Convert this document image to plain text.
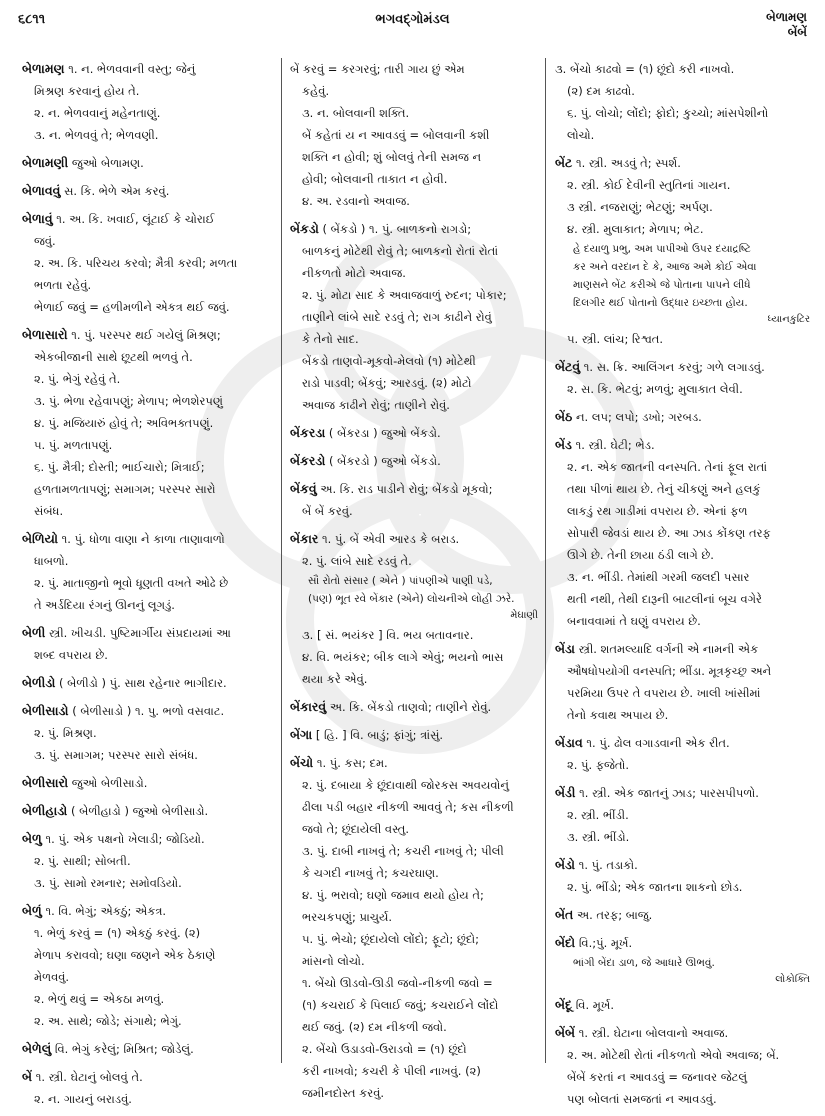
૬૮૧૧	ભગવદ્ગોમંડલ	બેળામણ
બેંબેં
બેળામણ ૧. ન. ભેળવવાની વસ્તુ; જેનું
મિશ્રણ કરવાનું હોય તે.
૨. ન. ભેળવવાનું મહેનતાણું.
૩. ન. ભેળવવું તે; ભેળવણી.
બેળામણી જુઓ બેળામણ.
બેળાવવું સ. કિ. ભેળે એમ કરવું.
બેળાવું ૧. અ. કિ. ખવાઈ, લૂંટાઈ કે ચોરાઈ
જવું.
૨. અ. કિ. પરિચય કરવો; મૈત્રી કરવી; મળતા
ભળતા રહેવું.
ભેળાઈ જવું = હળીમળીને એકત્ર થઈ જવું.
બેળાસારો ૧. પું. પરસ્પર થઈ ગયેલું મિશ્રણ;
એકબીજાની સાથે છૂટથી ભળવું તે.
૨. પું. ભેગું રહેવું તે.
૩. પું. ભેળા રહેવાપણું; મેળાપ; ભેળશેરપણું
૪. પું. મજિયારું હોવું તે; અવિભક્તપણું.
૫. પું. મળતાપણું.
૬. પું. મૈત્રી; દોસ્તી; ભાઈચારો; મિત્રાઈ;
હળતામળતાપણું; સમાગમ; પરસ્પર સારો
સંબંધ.
બેળિયો ૧. પું. ધોળા વાણા ને કાળા તાણાવાળો
ધાબળો.
૨. પું. માતાજીનો ભૂવો ધૂણતી વખતે ઓઢે છે
તે અર્ડદિયા રંગનું ઊનનું લૂગડું.
બેળી સ્ત્રી. ખીચડી. પુષ્ટિમાર્ગીય સંપ્રદાયમાં આ
શબ્દ વપરાય છે.
બેળીડો ( બેળીડો ) પું. સાથ રહેનાર ભાગીદાર.
બેળીસાડો ( બેળીસાડો ) ૧. પુ. ભળો વસવાટ.
૨. પું. મિશ્રણ.
૩. પું. સમાગમ; પરસ્પર સારો સંબંધ.
બેળીસારો જુઓ બેળીસાડો.
બેળીહાડો ( બેળીહાડો ) જુઓ બેળીસાડો.
બેળુ ૧. પું. એક પક્ષનો ખેલાડી; જોડિયો.
૨. પું. સાથી; સોબતી.
૩. પું. સામો રમનાર; સમોવડિયો.
બેળું ૧. વિ. ભેગું; એકઠું; એકત્ર.
૧. ભેળું કરવું = (૧) એકઠું કરવું. (૨)
મેળાપ કરાવવો; ઘણા જણને એક ઠેકાણે
મેળવવું.
૨. ભેળું થવું = એકઠા મળવું.
૨. અ. સાથે; જોડે; સંગાથે; ભેગું.
બેળેલું વિ. ભેગું કરેલું; મિશ્રિત; જોડેલું.
બેં ૧. સ્ત્રી. ઘેટાનું બોલવું તે.
૨. ન. ગાયનું બરાડવું.
બેં કરવું = કરગરવું; તારી ગાય છું એમ
કહેવું.
૩. ન. બોલવાની શક્તિ.
બેં કહેતાં ય ન આવડવું = બોલવાની કશી
શક્તિ ન હોવી; શું બોલવું તેની સમજ ન
હોવી; બોલવાની તાકાત ન હોવી.
૪. અ. રડવાનો અવાજ.
બેંકડો ( બેંકડો ) ૧. પું. બાળકનો રાગડો;
બાળકનું મોટેથી રોવું તે; બાળકનો રોતાં રોતાં
નીકળતો મોટો અવાજ.
૨. પું. મોટા સાદ કે અવાજવાળું રુદન; પોકાર;
તાણીને લાંબે સાદે રડવું તે; રાગ કાઢીને રોવું
કે તેનો સાદ.
બેંકડો તાણવો-મૂકવો-મેલવો (૧) મોટેથી
રાડો પાડવી; બેંકવું; આરડવું. (૨) મોટો
અવાજ કાઢીને રોવું; તાણીને રોવું.
બેંકરડા ( બેંકરડા ) જુઓ બેંકડો.
બેંકરડો ( બેંકરડો ) જુઓ બેંકડો.
બેંકવું અ. કિ. રાડ પાડીને રોવું; બેંકડો મૂકવો;
બેં બેં કરવું.
બેંકાર ૧. પું. બેં એવી આરડ કે બરાડ.
૨. પું. લાંબે સાદે રડવું તે.
સૌ રોતો સંસાર ( એને ) પાંપણીએ પાણી પડે,
(પણ) ભૂત રવે બેંકાર (એને) લોચનીએ લોહી ઝરે.
મેઘાણી
૩. [ સં. ભયંકર ] વિ. ભય બતાવનાર.
૪. વિ. ભયંકર; બીક લાગે એવું; ભયનો ભાસ
થયા કરે એવું.
બેંકારવું અ. કિ. બેંકડો તાણવો; તાણીને રોવું.
બેંગા [ હિ. ] વિ. બાડું; ફાંગું; ત્રાંસું.
બેંચો ૧. પું. કસ; દમ.
૨. પું. દબાયા કે છૂંદાવાથી જોરકસ અવયવોનું
ઢીલા પડી બહાર નીકળી આવવું તે; કસ નીકળી
જવો તે; છૂંદાયેલી વસ્તુ.
૩. પું. દાબી નાખવું તે; કચરી નાખવું તે; પીલી
કે ચગદી નાખવું તે; કચરઘાણ.
૪. પું. ભરાવો; ઘણો જમાવ થયો હોય તે;
ભરચકપણું; પ્રાચુર્ય.
૫. પું. ભેચો; છૂંદાયેલો લોંદો; ફૂટો; છૂંદો;
માંસનો લોચો.
૧. બેંચો ઊડવો-ઊડી જવો-નીકળી જવો =
(૧) કચરાઈ કે પિલાઈ જવું; કચરાઈને લોંદો
થઈ જવું. (૨) દમ નીકળી જવો.
૨. બેંચો ઉડાડવો-ઉરાડવો = (૧) છૂંદો
કરી નાખવો; કચરી કે પીલી નાખવું. (૨)
જમીનદોસ્ત કરવું.
૩. બેંચો કાઢવો = (૧) છૂંદો કરી નાખવો.
(૨) દમ કાઢવો.
૬. પું. લોચો; લોંદો; ફોદો; કુચ્ચો; માંસપેશીનો
લોચો.
બેંટ ૧. સ્ત્રી. અડવું તે; સ્પર્શ.
૨. સ્ત્રી. કોઈ દેવીની સ્તુતિનાં ગાયન.
૩ સ્ત્રી. નજરાણું; ભેટણું; અર્પણ.
૪. સ્ત્રી. મુલાકાત; મેળાપ; ભેટ.
હે દયાળુ પ્રભુ, અમ પાપીઓ ઉપર દયાદ્રષ્ટિ
કર અને વરદાન દે કે, આજ અમે કોઈ એવા
માણસને બેંટ કરીએ જે પોતાના પાપને લીધે
દિલગીર થઈ પોતાનો ઉદ્ધાર ઇચ્છતા હોય.
ધ્યાનકુટિર
૫. સ્ત્રી. લાંચ; રિશ્વત.
બેંટવું ૧. સ. ક્રિ. આલિંગન કરવું; ગળે લગાડવું.
૨. સ. કિ. ભેટવું; મળવું; મુલાકાત લેવી.
બેંઠ ન. લપ; લપો; ડખો; ગરબડ.
બેંડ ૧. સ્ત્રી. ઘેટી; ભેડ.
૨. ન. એક જાતની વનસ્પતિ. તેનાં ફૂલ રાતાં
તથા પીળાં થાય છે. તેનું ચીકણું અને હલકું
લાકડું રથ ગાડીમાં વપરાય છે. એનાં ફળ
સોપારી જેવડાં થાય છે. આ ઝાડ કોંકણ તરફ
ઊગે છે. તેની છાયા ઠંડી લાગે છે.
૩. ન. ભીંડી. તેમાંથી ગરમી જલદી પસાર
થતી નથી, તેથી દારૂની બાટલીનાં બૂચ વગેરે
બનાવવામાં તે ઘણું વપરાય છે.
બેંડા સ્ત્રી. શતમલ્યાદિ વર્ગની એ નામની એક
ઔષધોપયોગી વનસ્પતિ; ભીંડા. મૂત્રકૃચ્છ્ર અને
પરમિયા ઉપર તે વપરાય છે. ખાલી ખાંસીમાં
તેનો કવાથ અપાય છે.
બેંડાવ ૧. પું. ઢોલ વગાડવાની એક રીત.
૨. પું. ફજેતો.
બેંડી ૧. સ્ત્રી. એક જાતનું ઝાડ; પારસપીપળો.
૨. સ્ત્રી. ભીંડી.
૩. સ્ત્રી. ભીંડો.
બેંડો ૧. પું. તડાકો.
૨. પું. ભીંડો; એક જાતના શાકનો છોડ.
બેંત અ. તરફ; બાજુ.
બેંદો વિ.;પું. મૂર્ખ.
ભાંગી બેંદા ડાળ, જે આધારે ઊભવું.
લોકોક્તિ
બેંદૂ વિ. મૂર્ખ.
બેંબેં ૧. સ્ત્રી. ઘેટાના બોલવાનો અવાજ.
૨. અ. મોટેથી રોતાં નીકળતો એવો અવાજ; બેં.
બેંબેં કરતાં ન આવડવું = જનાવર જેટલું
પણ બોલતાં સમજતાં ન આવડવું.
